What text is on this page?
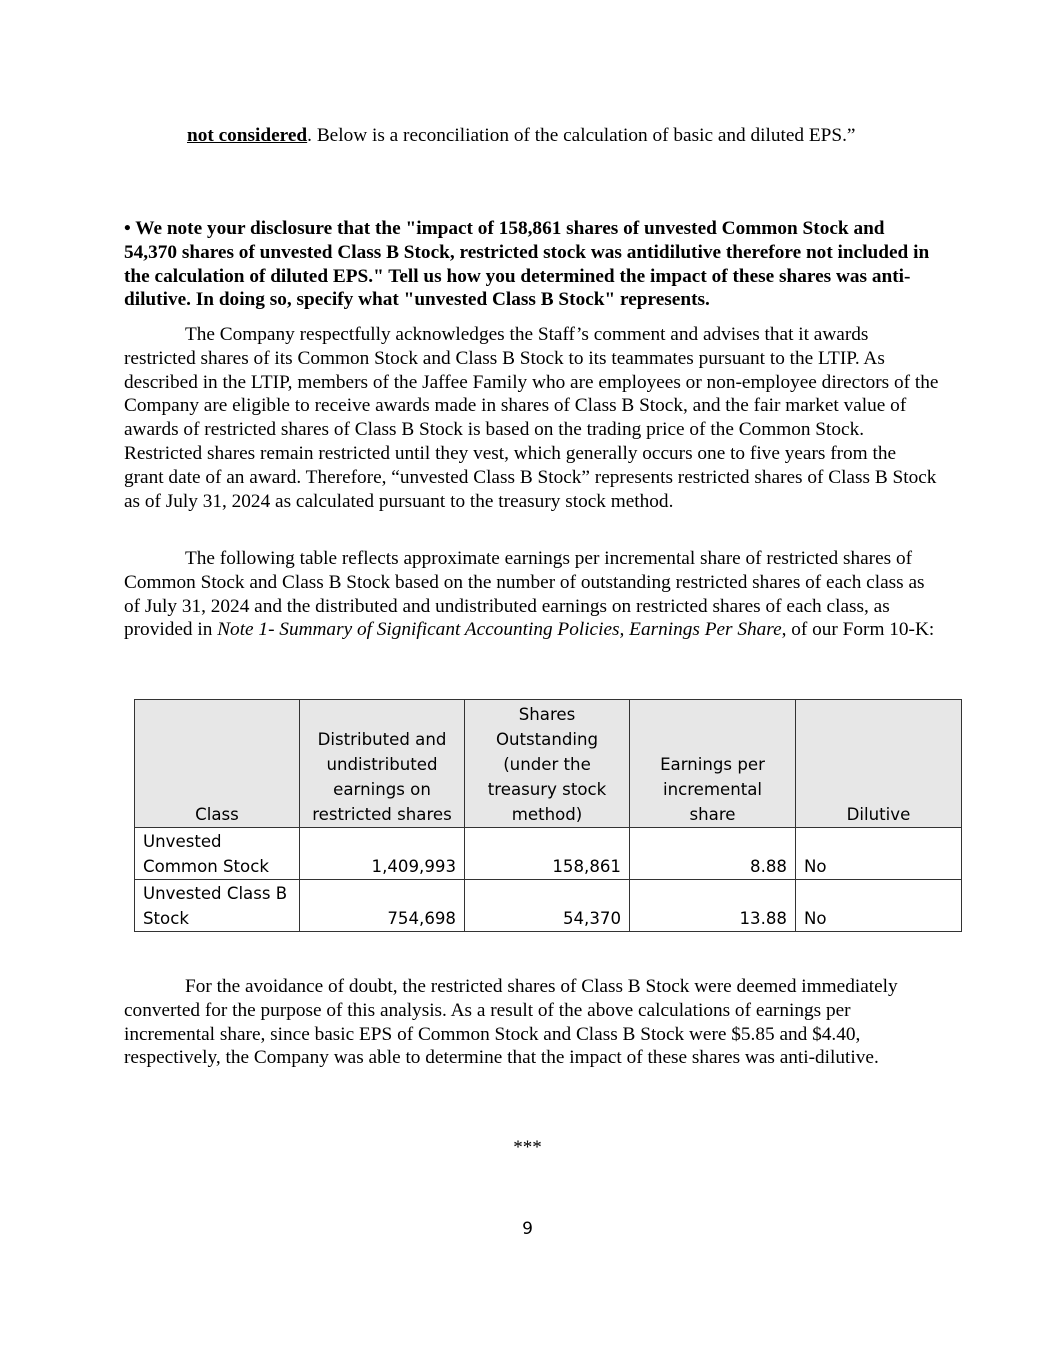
not considered. Below is a reconciliation of the calculation of basic and diluted EPS.”

• We note your disclosure that the "impact of 158,861 shares of unvested Common Stock and 54,370 shares of unvested Class B Stock, restricted stock was antidilutive therefore not included in the calculation of diluted EPS." Tell us how you determined the impact of these shares was anti-dilutive. In doing so, specify what "unvested Class B Stock" represents.

The Company respectfully acknowledges the Staff’s comment and advises that it awards restricted shares of its Common Stock and Class B Stock to its teammates pursuant to the LTIP. As described in the LTIP, members of the Jaffee Family who are employees or non-employee directors of the Company are eligible to receive awards made in shares of Class B Stock, and the fair market value of awards of restricted shares of Class B Stock is based on the trading price of the Common Stock. Restricted shares remain restricted until they vest, which generally occurs one to five years from the grant date of an award. Therefore, “unvested Class B Stock” represents restricted shares of Class B Stock as of July 31, 2024 as calculated pursuant to the treasury stock method.

The following table reflects approximate earnings per incremental share of restricted shares of Common Stock and Class B Stock based on the number of outstanding restricted shares of each class as of July 31, 2024 and the distributed and undistributed earnings on restricted shares of each class, as provided in Note 1- Summary of Significant Accounting Policies, Earnings Per Share, of our Form 10-K:

Class	Distributed and undistributed earnings on restricted shares	Shares Outstanding (under the treasury stock method)	Earnings per incremental share	Dilutive
Unvested Common Stock	1,409,993	158,861	8.88	No
Unvested Class B Stock	754,698	54,370	13.88	No

For the avoidance of doubt, the restricted shares of Class B Stock were deemed immediately converted for the purpose of this analysis. As a result of the above calculations of earnings per incremental share, since basic EPS of Common Stock and Class B Stock were $5.85 and $4.40, respectively, the Company was able to determine that the impact of these shares was anti-dilutive.

***
9
